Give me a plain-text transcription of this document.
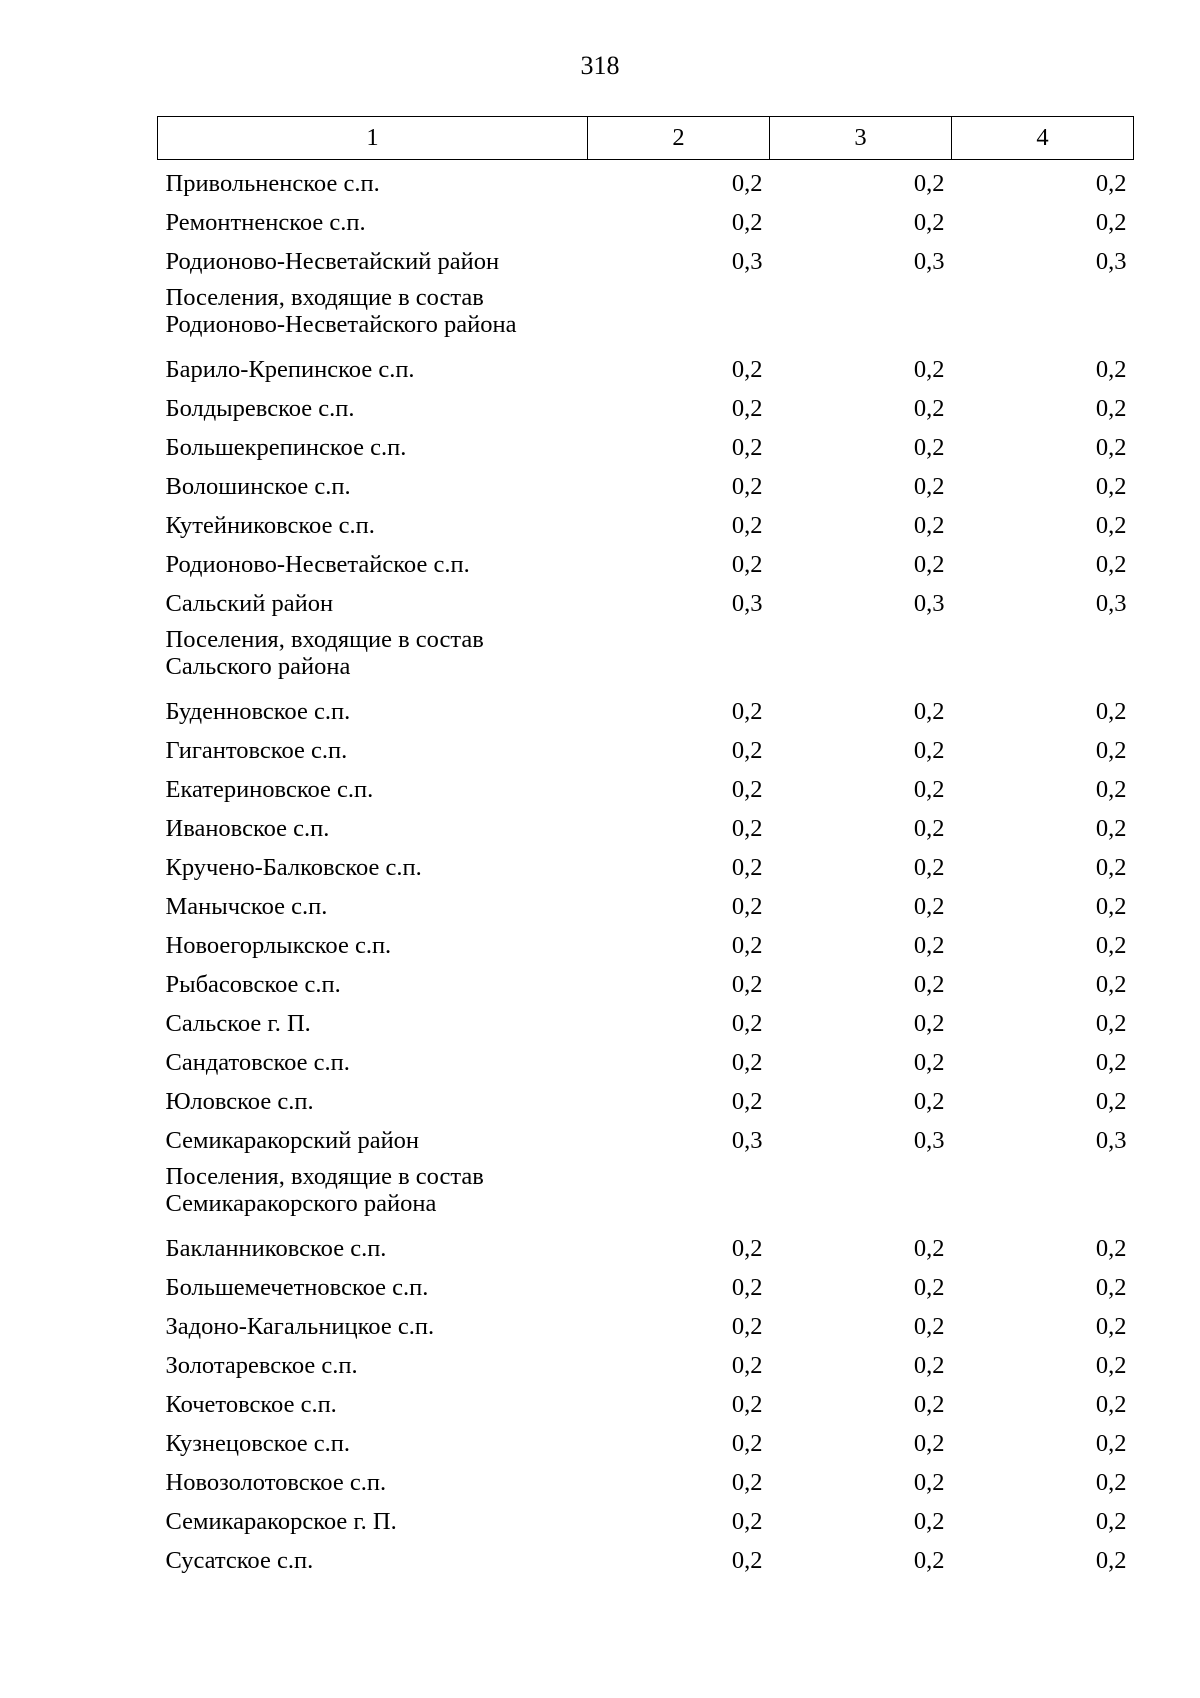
318
1	2	3	4
Привольненское с.п.	0,2	0,2	0,2
Ремонтненское с.п.	0,2	0,2	0,2
Родионово-Несветайский район	0,3	0,3	0,3
Поселения, входящие в состав Родионово-Несветайского района			
Барило-Крепинское с.п.	0,2	0,2	0,2
Болдыревское с.п.	0,2	0,2	0,2
Большекрепинское с.п.	0,2	0,2	0,2
Волошинское с.п.	0,2	0,2	0,2
Кутейниковское с.п.	0,2	0,2	0,2
Родионово-Несветайское с.п.	0,2	0,2	0,2
Сальский район	0,3	0,3	0,3
Поселения, входящие в состав Сальского района			
Буденновское с.п.	0,2	0,2	0,2
Гигантовское с.п.	0,2	0,2	0,2
Екатериновское с.п.	0,2	0,2	0,2
Ивановское с.п.	0,2	0,2	0,2
Кручено-Балковское с.п.	0,2	0,2	0,2
Манычское с.п.	0,2	0,2	0,2
Новоегорлыкское с.п.	0,2	0,2	0,2
Рыбасовское с.п.	0,2	0,2	0,2
Сальское г. П.	0,2	0,2	0,2
Сандатовское с.п.	0,2	0,2	0,2
Юловское с.п.	0,2	0,2	0,2
Семикаракорский район	0,3	0,3	0,3
Поселения, входящие в состав Семикаракорского района			
Бакланниковское с.п.	0,2	0,2	0,2
Большемечетновское с.п.	0,2	0,2	0,2
Задоно-Кагальницкое с.п.	0,2	0,2	0,2
Золотаревское с.п.	0,2	0,2	0,2
Кочетовское с.п.	0,2	0,2	0,2
Кузнецовское с.п.	0,2	0,2	0,2
Новозолотовское с.п.	0,2	0,2	0,2
Семикаракорское г. П.	0,2	0,2	0,2
Сусатское с.п.	0,2	0,2	0,2
